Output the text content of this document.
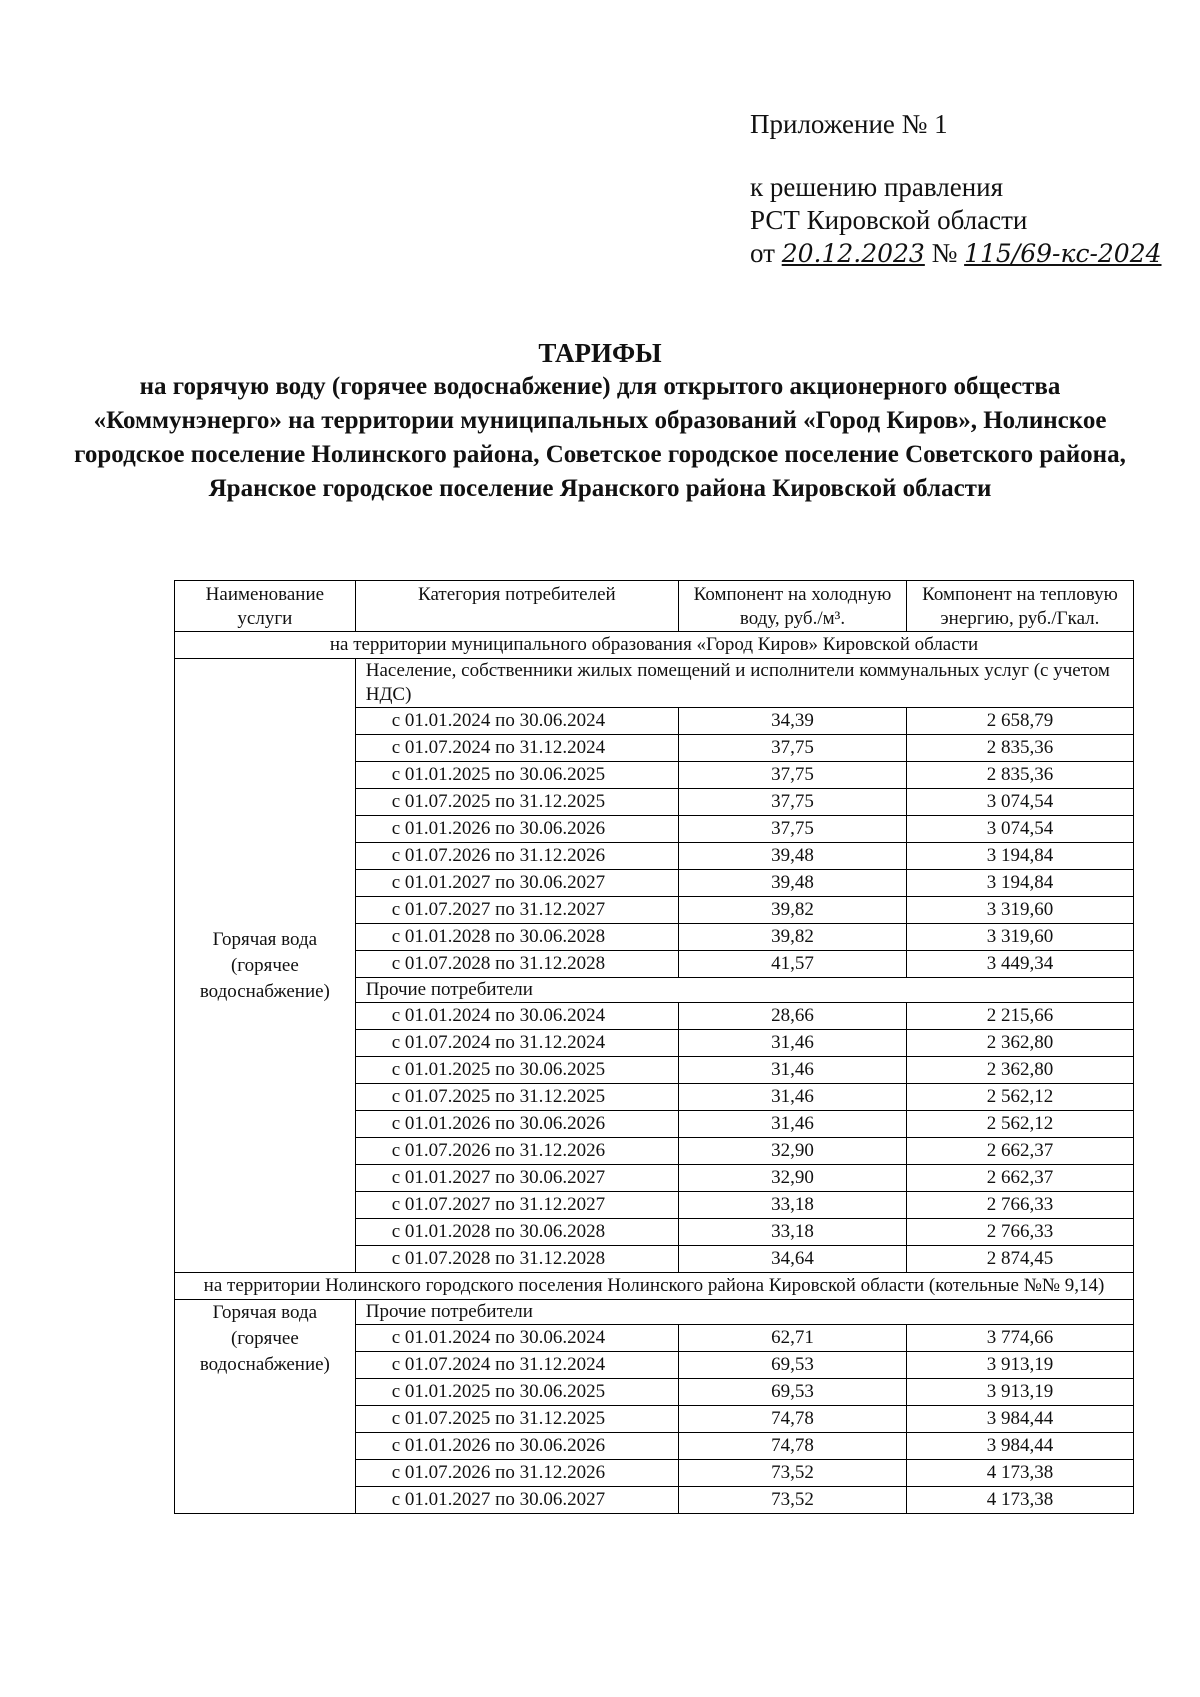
Приложение № 1
к решению правления
РСТ Кировской области
от 20.12.2023 № 115/69-кс-2024
ТАРИФЫ
на горячую воду (горячее водоснабжение) для открытого акционерного общества «Коммунэнерго» на территории муниципальных образований «Город Киров», Нолинское городское поселение Нолинского района, Советское городское поселение Советского района, Яранское городское поселение Яранского района Кировской области
Наименование услуги	Категория потребителей	Компонент на холодную воду, руб./м³.	Компонент на тепловую энергию, руб./Гкал.
на территории муниципального образования «Город Киров» Кировской области			
Горячая вода (горячее водоснабжение)	Население, собственники жилых помещений и исполнители коммунальных услуг (с учетом НДС)		
	с 01.01.2024 по 30.06.2024	34,39	2 658,79
	с 01.07.2024 по 31.12.2024	37,75	2 835,36
	с 01.01.2025 по 30.06.2025	37,75	2 835,36
	с 01.07.2025 по 31.12.2025	37,75	3 074,54
	с 01.01.2026 по 30.06.2026	37,75	3 074,54
	с 01.07.2026 по 31.12.2026	39,48	3 194,84
	с 01.01.2027 по 30.06.2027	39,48	3 194,84
	с 01.07.2027 по 31.12.2027	39,82	3 319,60
	с 01.01.2028 по 30.06.2028	39,82	3 319,60
	с 01.07.2028 по 31.12.2028	41,57	3 449,34
	Прочие потребители		
	с 01.01.2024 по 30.06.2024	28,66	2 215,66
	с 01.07.2024 по 31.12.2024	31,46	2 362,80
	с 01.01.2025 по 30.06.2025	31,46	2 362,80
	с 01.07.2025 по 31.12.2025	31,46	2 562,12
	с 01.01.2026 по 30.06.2026	31,46	2 562,12
	с 01.07.2026 по 31.12.2026	32,90	2 662,37
	с 01.01.2027 по 30.06.2027	32,90	2 662,37
	с 01.07.2027 по 31.12.2027	33,18	2 766,33
	с 01.01.2028 по 30.06.2028	33,18	2 766,33
	с 01.07.2028 по 31.12.2028	34,64	2 874,45
на территории Нолинского городского поселения Нолинского района Кировской области (котельные №№ 9,14)			
Горячая вода (горячее водоснабжение)	Прочие потребители		
	с 01.01.2024 по 30.06.2024	62,71	3 774,66
	с 01.07.2024 по 31.12.2024	69,53	3 913,19
	с 01.01.2025 по 30.06.2025	69,53	3 913,19
	с 01.07.2025 по 31.12.2025	74,78	3 984,44
	с 01.01.2026 по 30.06.2026	74,78	3 984,44
	с 01.07.2026 по 31.12.2026	73,52	4 173,38
	с 01.01.2027 по 30.06.2027	73,52	4 173,38
